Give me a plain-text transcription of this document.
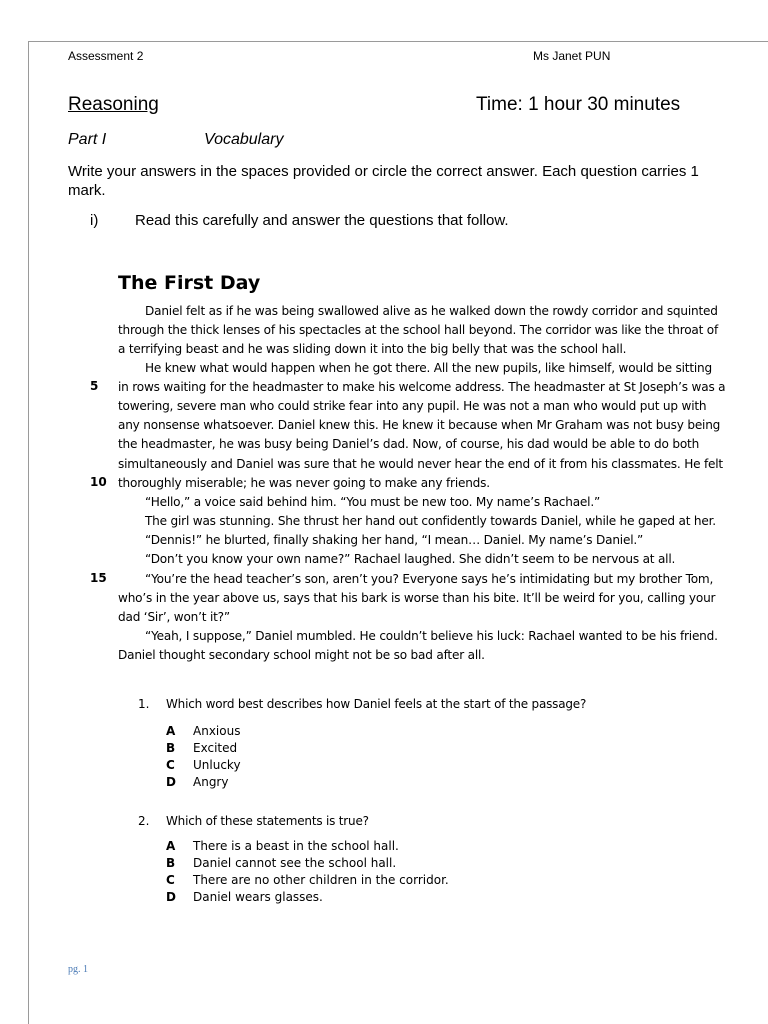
Assessment 2	Ms Janet PUN
Reasoning	Time: 1 hour 30 minutes
Part I	Vocabulary
Write your answers in the spaces provided or circle the correct answer. Each question carries 1 mark.
i) Read this carefully and answer the questions that follow.
The First Day
Daniel felt as if he was being swallowed alive as he walked down the rowdy corridor and squinted
through the thick lenses of his spectacles at the school hall beyond. The corridor was like the throat of
a terrifying beast and he was sliding down it into the big belly that was the school hall.
He knew what would happen when he got there. All the new pupils, like himself, would be sitting
in rows waiting for the headmaster to make his welcome address. The headmaster at St Joseph’s was a
towering, severe man who could strike fear into any pupil. He was not a man who would put up with
any nonsense whatsoever. Daniel knew this. He knew it because when Mr Graham was not busy being
the headmaster, he was busy being Daniel’s dad. Now, of course, his dad would be able to do both
simultaneously and Daniel was sure that he would never hear the end of it from his classmates. He felt
thoroughly miserable; he was never going to make any friends.
“Hello,” a voice said behind him. “You must be new too. My name’s Rachael.”
The girl was stunning. She thrust her hand out confidently towards Daniel, while he gaped at her.
“Dennis!” he blurted, finally shaking her hand, “I mean… Daniel. My name’s Daniel.”
“Don’t you know your own name?” Rachael laughed. She didn’t seem to be nervous at all.
“You’re the head teacher’s son, aren’t you? Everyone says he’s intimidating but my brother Tom,
who’s in the year above us, says that his bark is worse than his bite. It’ll be weird for you, calling your
dad ‘Sir’, won’t it?”
“Yeah, I suppose,” Daniel mumbled. He couldn’t believe his luck: Rachael wanted to be his friend.
Daniel thought secondary school might not be so bad after all.
5
10
15
1. Which word best describes how Daniel feels at the start of the passage?
A Anxious
B Excited
C Unlucky
D Angry
2. Which of these statements is true?
A There is a beast in the school hall.
B Daniel cannot see the school hall.
C There are no other children in the corridor.
D Daniel wears glasses.
pg. 1
